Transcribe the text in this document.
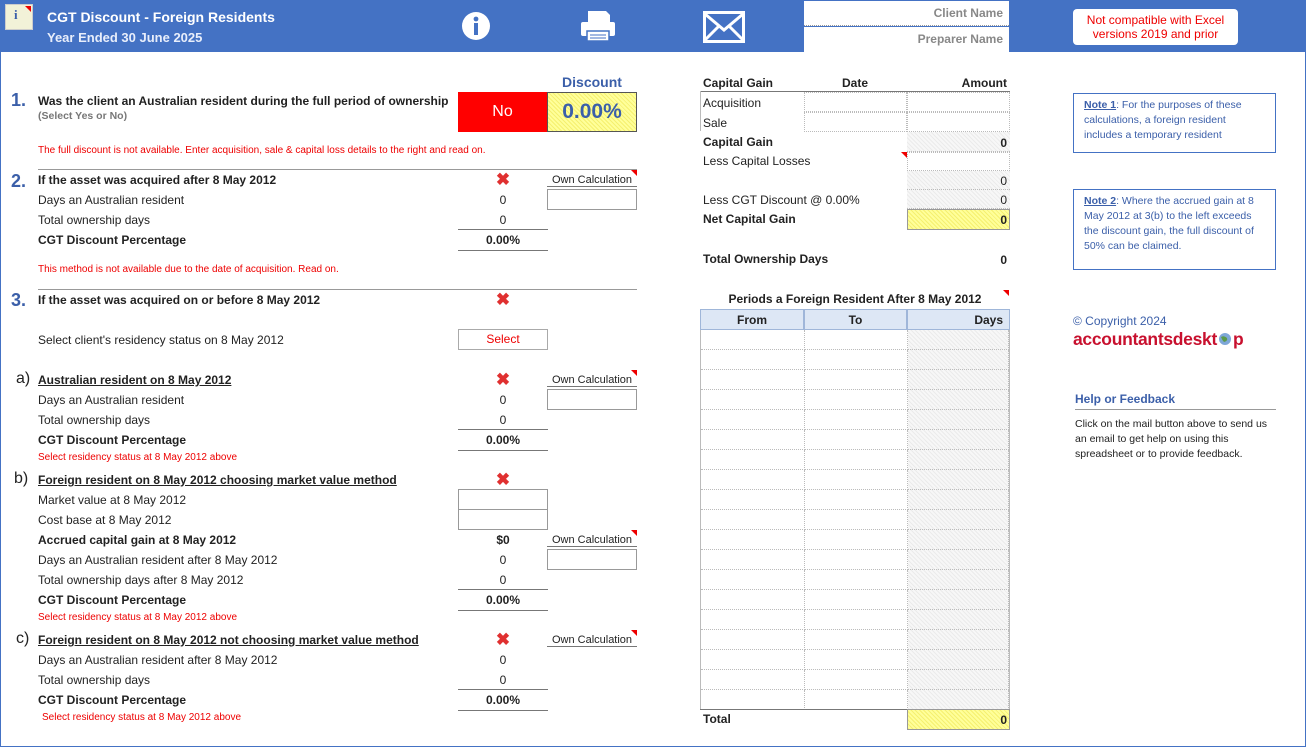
i CGT Discount - Foreign Residents
Year Ended 30 June 2025
Client Name
Preparer Name
Not compatible with Excel versions 2019 and prior
Discount
1. Was the client an Australian resident during the full period of ownership
(Select Yes or No)	No	0.00%
The full discount is not available. Enter acquisition, sale & capital loss details to the right and read on.
2. If the asset was acquired after 8 May 2012	✖	Own Calculation
Days an Australian resident	0
Total ownership days	0
CGT Discount Percentage	0.00%
This method is not available due to the date of acquisition. Read on.
3. If the asset was acquired on or before 8 May 2012	✖
Select client's residency status on 8 May 2012	Select
a) Australian resident on 8 May 2012	✖	Own Calculation
Days an Australian resident	0
Total ownership days	0
CGT Discount Percentage	0.00%
Select residency status at 8 May 2012 above
b) Foreign resident on 8 May 2012 choosing market value method	✖
Market value at 8 May 2012
Cost base at 8 May 2012
Accrued capital gain at 8 May 2012	$0	Own Calculation
Days an Australian resident after 8 May 2012	0
Total ownership days after 8 May 2012	0
CGT Discount Percentage	0.00%
Select residency status at 8 May 2012 above
c) Foreign resident on 8 May 2012 not choosing market value method	✖	Own Calculation
Days an Australian resident after 8 May 2012	0
Total ownership days	0
CGT Discount Percentage	0.00%
Select residency status at 8 May 2012 above
Capital Gain	Date	Amount
Acquisition
Sale
Capital Gain	0
Less Capital Losses
0
Less CGT Discount @ 0.00%	0
Net Capital Gain	0
Total Ownership Days	0
Periods a Foreign Resident After 8 May 2012
From	To	Days
Total	0
Note 1: For the purposes of these calculations, a foreign resident includes a temporary resident
Note 2: Where the accrued gain at 8 May 2012 at 3(b) to the left exceeds the discount gain, the full discount of 50% can be claimed.
© Copyright 2024
accountantsdeskt p
Help or Feedback
Click on the mail button above to send us an email to get help on using this spreadsheet or to provide feedback.
